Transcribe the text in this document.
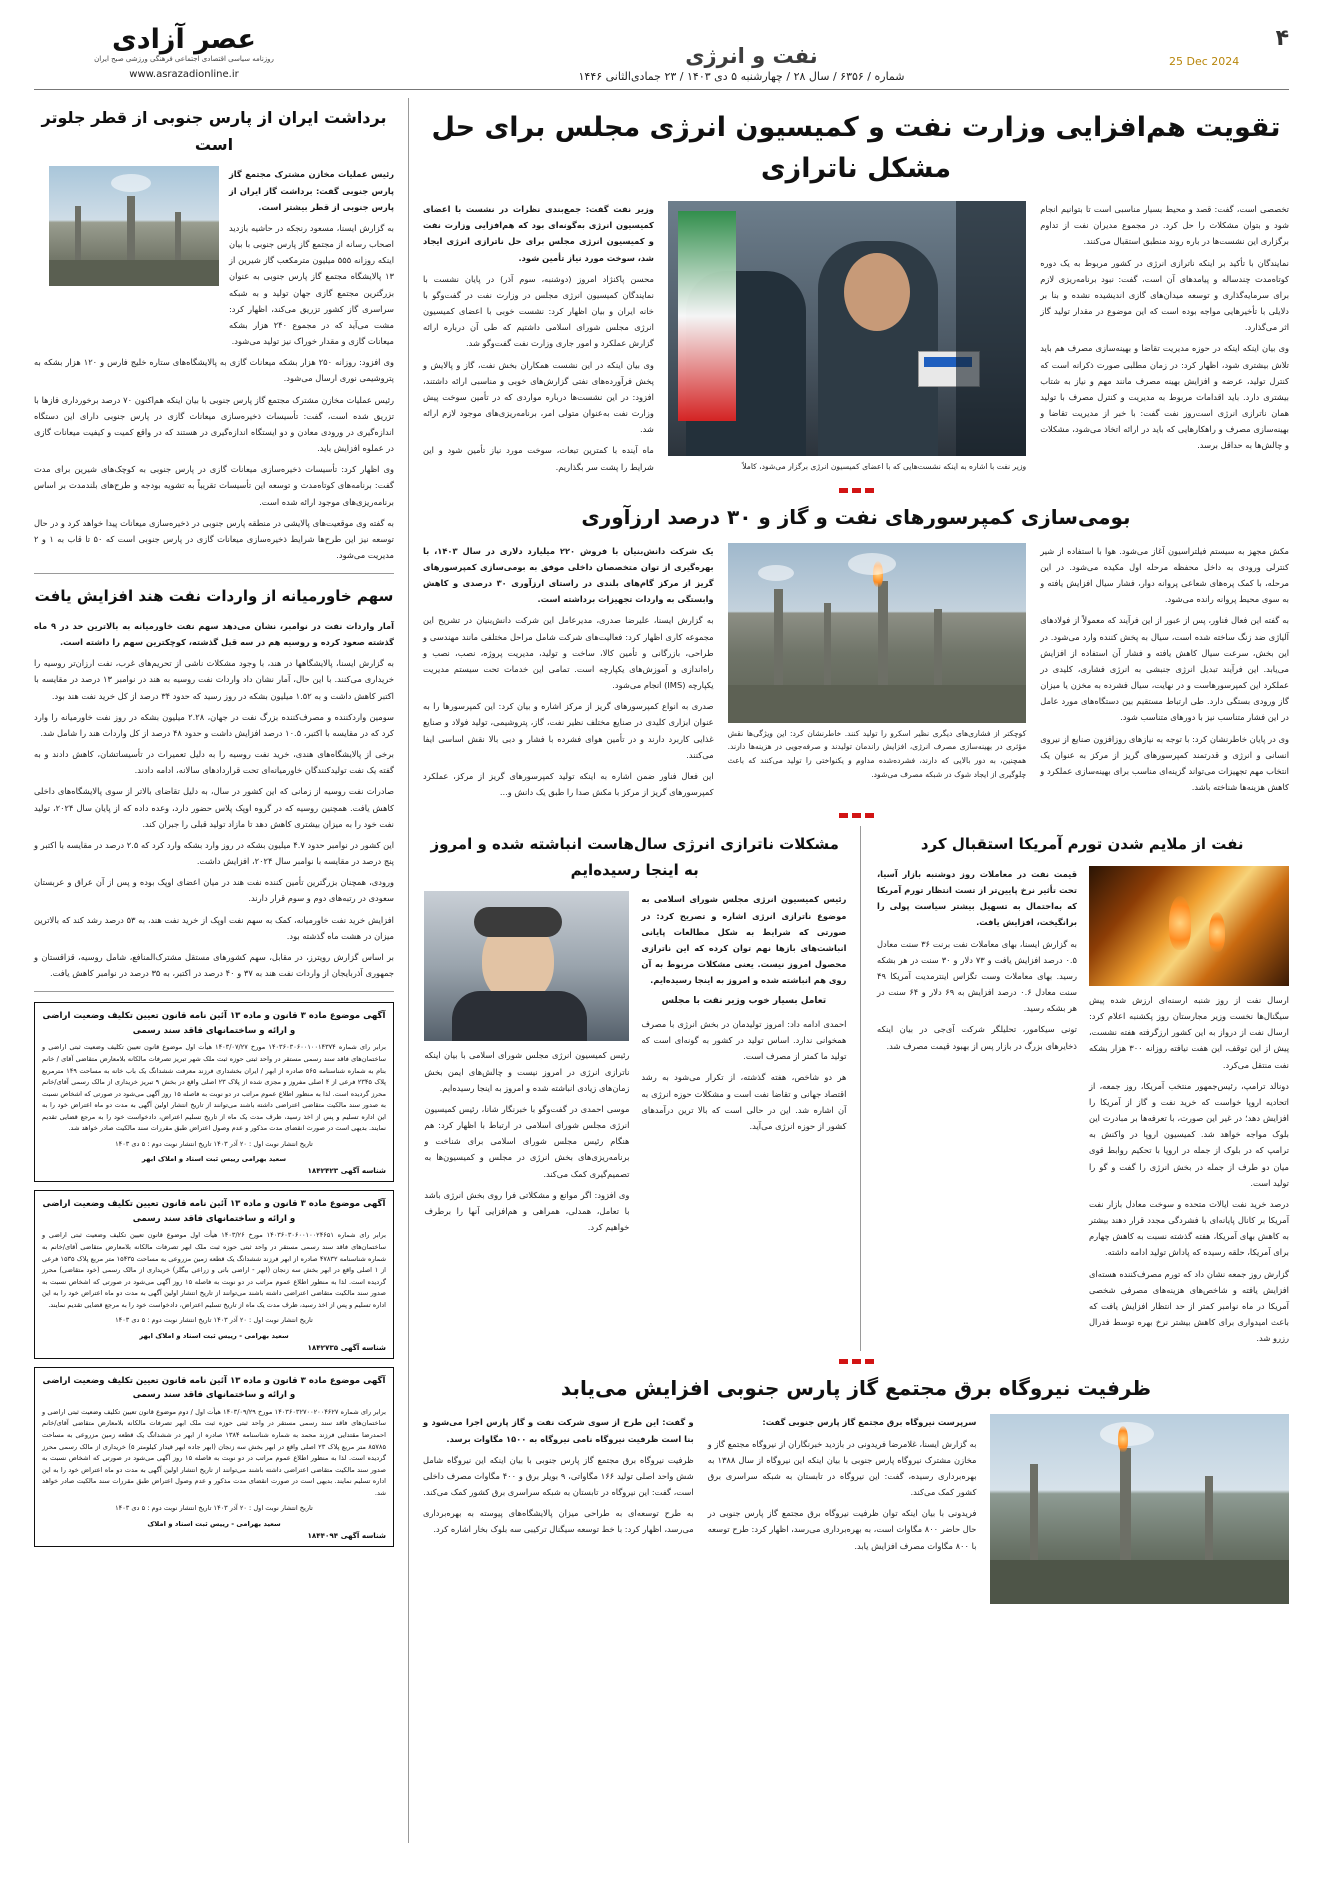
۴
25 Dec 2024
نفت و انرژی
عصر آزادی
روزنامه سیاسی اقتصادی اجتماعی فرهنگی ورزشی صبح ایران
www.asrazadionline.ir	شماره / ۶۳۵۶ / سال ۲۸ / چهارشنبه ۵ دی ۱۴۰۳ / ۲۳ جمادی‌الثانی ۱۴۴۶
تقویت هم‌افزایی وزارت نفت و کمیسیون انرژی مجلس برای حل مشکل ناترازی

تخصصی است، گفت: قصد و محیط بسیار مناسبی است تا بتوانیم انجام شود و بتوان مشکلات را حل کرد. در مجموع مدیران نفت از تداوم برگزاری این نشست‌ها در باره روند منطبق استقبال می‌کنند.

نمایندگان با تأکید بر اینکه ناترازی انرژی در کشور مربوط به یک دوره کوتاه‌مدت چندساله و پیامدهای آن است، گفت: نبود برنامه‌ریزی لازم برای سرمایه‌گذاری و توسعه میدان‌های گازی اندیشیده نشده و بنا بر دلایلی با تأخیرهایی مواجه بوده است که این موضوع در مقدار تولید گاز اثر می‌گذارد.

وی بیان اینکه اینکه در حوزه مدیریت تقاضا و بهینه‌سازی مصرف هم باید تلاش بیشتری شود، اظهار کرد: در زمان مطلبی صورت ذکرانه است که کنترل تولید، عرضه و افزایش بهینه مصرف مانند مهم و نیاز به شتاب بیشتری دارد. باید اقدامات مربوط به مدیریت و کنترل مصرف با تولید همان ناترازی انرژی است‌روز نفت گفت: با خبر از مدیریت تقاضا و بهینه‌سازی مصرف و راهکارهایی که باید در ارائه اتخاذ می‌شود، مشکلات و چالش‌ها به حداقل برسد.

وزیر نفت با اشاره به اینکه نشست‌هایی که با اعضای کمیسیون انرژی برگزار می‌شود، کاملاً

وزیر نفت گفت: جمع‌بندی نظرات در نشست با اعضای کمیسیون انرژی به‌گونه‌ای بود که هم‌افزایی وزارت نفت و کمیسیون انرژی مجلس برای حل ناترازی انرژی ایجاد شد، سوخت مورد نیاز تأمین شود.

محسن پاکنژاد امروز (دوشنبه، سوم آذر) در پایان نشست با نمایندگان کمیسیون انرژی مجلس در وزارت نفت در گفت‌وگو با خانه ایران و بیان اظهار کرد: نشست خوبی با اعضای کمیسیون انرژی مجلس شورای اسلامی داشتیم که طی آن درباره ارائه گزارش عملکرد و امور جاری وزارت نفت گفت‌وگو شد.

وی بیان اینکه در این نشست همکاران بخش نفت، گاز و پالایش و پخش فرآورده‌های نفتی گزارش‌های خوبی و مناسبی ارائه داشتند، افزود: در این نشست‌ها درباره مواردی که در تأمین سوخت پیش وزارت نفت به‌عنوان متولی امر، برنامه‌ریزی‌های موجود لازم ارائه شد.

ماه آینده با کمترین تبعات، سوخت مورد نیاز تأمین شود و این شرایط را پشت سر بگذاریم.

بومی‌سازی کمپرسورهای نفت و گاز و ۳۰ درصد ارزآوری

مکش مجهز به سیستم فیلتراسیون آغاز می‌شود. هوا با استفاده از شیر کنترلی ورودی به داخل محفظه مرحله اول مکیده می‌شود. در این مرحله، با کمک پره‌های شعاعی پروانه دوار، فشار سیال افزایش یافته و به سوی محیط پروانه رانده می‌شود.

به گفته این فعال فناور، پس از عبور از این فرآیند که معمولاً از فولادهای آلیاژی ضد زنگ ساخته شده است، سیال به پخش کننده وارد می‌شود. در این بخش، سرعت سیال کاهش یافته و فشار آن استفاده از افزایش می‌یابد. این فرآیند تبدیل انرژی جنبشی به انرژی فشاری، کلیدی در عملکرد این کمپرسورهاست و در نهایت، سیال فشرده به مخزن یا میزان گاز ورودی بستگی دارد. طی ارتباط مستقیم بین دستگاه‌های مورد عامل در این فشار متناسب نیز با دورهای متناسب شود.

وی در پایان خاطرنشان کرد: با توجه به نیازهای روزافزون صنایع از نیروی انسانی و انرژی و قدرتمند کمپرسورهای گریز از مرکز به عنوان یک انتخاب مهم تجهیزات می‌تواند گزینه‌ای مناسب برای بهینه‌سازی عملکرد و کاهش هزینه‌ها شناخته باشد.

کوچکتر از فشاری‌های دیگری نظیر اسکرو را تولید کنند. خاطرنشان کرد: این ویژگی‌ها نقش مؤثری در بهینه‌سازی مصرف انرژی، افزایش راندمان تولیدند و صرفه‌جویی در هزینه‌ها دارند. همچنین، به دور بالایی که دارند، فشرده‌شده مداوم و یکنواختی را تولید می‌کنند که باعث چلوگیری از ایجاد شوک در شبکه مصرف می‌شود.

یک شرکت دانش‌بنیان با فروش ۲۲۰ میلیارد دلاری در سال ۱۴۰۳، با بهره‌گیری از توان متخصصان داخلی موفق به بومی‌سازی کمپرسورهای گریز از مرکز گام‌های بلندی در راستای ارزآوری ۳۰ درصدی و کاهش وابستگی به واردات تجهیزات برداشته است.

به گزارش ایسنا، علیرضا صدری، مدیرعامل این شرکت دانش‌بنیان در تشریح این مجموعه کاری اظهار کرد: فعالیت‌های شرکت شامل مراحل مختلفی مانند مهندسی و طراحی، بازرگانی و تأمین کالا، ساخت و تولید، مدیریت پروژه، نصب، نصب و راه‌اندازی و آموزش‌های یکپارچه است. تمامی این خدمات تحت سیستم مدیریت یکپارچه (IMS) انجام می‌شود.

صدری به انواع کمپرسورهای گریز از مرکز اشاره و بیان کرد: این کمپرسورها را به عنوان ابزاری کلیدی در صنایع مختلف نظیر نفت، گاز، پتروشیمی، تولید فولاد و صنایع غذایی کاربرد دارند و در تأمین هوای فشرده با فشار و دبی بالا نقش اساسی ایفا می‌کنند.

این فعال فناور ضمن اشاره به اینکه تولید کمپرسورهای گریز از مرکز، عملکرد کمپرسورهای گریز از مرکز با مکش صدا را طبق یک دانش و...

نفت از ملایم شدن تورم آمریکا استقبال کرد

ارسال نفت از روز شنبه ارسنه‌ای ارزش شده پیش سیگنال‌ها نخست وزیر مجارستان روز پکشنبه اعلام کرد: ارسال نفت از درواز به این کشور ارزگرفته هفته نشست، پیش از این توقف، این هفت نیافته روزانه ۳۰۰ هزار بشکه نفت منتقل می‌کرد.

دونالد ترامپ، رئیس‌جمهور منتخب آمریکا، روز جمعه، از اتحادیه اروپا خواست که خرید نفت و گاز از آمریکا را افزایش دهد؛ در غیر این صورت، با تعرفه‌ها بر مبادرت این بلوک مواجه خواهد شد. کمیسیون اروپا در واکنش به ترامپ که در بلوک از جمله در اروپا با تحکیم روابط قوی میان دو طرف از جمله در بخش انرژی را گفت و گو را تولید است.

درصد خرید نفت ایالات متحده و سوخت معادل بازار نفت آمریکا بر کانال پایانه‌ای با فشردگی مجدد قرار دهند بیشتر به کاهش بهای آمریکا، هفته گذشته نسبت به کاهش چهارم برای آمریکا، حلقه رسیده که پاداش تولید ادامه داشته.

گزارش روز جمعه نشان داد که تورم مصرف‌کننده هسته‌ای افزایش یافته و شاخص‌های هزینه‌های مصرفی شخصی آمریکا در ماه نوامبر کمتر از حد انتظار افزایش یافت که باعث امیدواری برای کاهش بیشتر نرخ بهره توسط فدرال رزرو شد.

قیمت نفت در معاملات روز دوشنبه بازار آسیا، تحت تأثیر نرخ پایین‌تر از تست انتظار تورم آمریکا که به‌احتمال به تسهیل بیشتر سیاست پولی را برانگیخت، افزایش یافت.

به گزارش ایسنا، بهای معاملات نفت برنت ۳۶ سنت معادل ۰.۵ درصد افزایش یافت و ۷۳ دلار و ۳۰ سنت در هر بشکه رسید. بهای معاملات وست تگزاس اینترمدیت آمریکا ۴۹ سنت معادل ۰.۶ درصد افزایش به ۶۹ دلار و ۶۴ سنت در هر بشکه رسید.

تونی سیکامور، تحلیلگر شرکت آی‌جی در بیان اینکه ذخایرهای بزرگ در بازار پس از بهبود قیمت مصرف شد.

مشکلات ناترازی انرژی سال‌هاست انباشته شده و امروز به اینجا رسیده‌ایم

رئیس کمیسیون انرژی مجلس شورای اسلامی به موضوع ناترازی انرژی اشاره و تصریح کرد: در صورتی که شرایط به شکل مطالعات پایانی انباشت‌های بازها نهم توان کرده که این ناترازی محصول امروز نیست. یعنی مشکلات مربوط به آن روی هم انباشته شده و امروز به اینجا رسیده‌ایم.

تعامل بسیار خوب وزیر نفت با مجلس

احمدی ادامه داد: امروز تولیدمان در بخش انرژی با مصرف همخوانی ندارد. اساس تولید در کشور به گونه‌ای است که تولید ما کمتر از مصرف است.

هر دو شاخص، هفته گذشته، از تکرار می‌شود به رشد اقتصاد جهانی و تقاضا نفت است و مشکلات حوزه انرژی به آن اشاره شد. این در حالی است که بالا ترین درآمدهای کشور از حوزه انرژی می‌آید.

رئیس کمیسیون انرژی مجلس شورای اسلامی با بیان اینکه ناترازی انرژی در امروز نیست و چالش‌های ایمن بخش زمان‌های زیادی انباشته شده و امروز به اینجا رسیده‌ایم.

موسی احمدی در گفت‌وگو با خبرنگار شانا، رئیس کمیسیون انرژی مجلس شورای اسلامی در ارتباط با اظهار کرد: هم هنگام رئیس مجلس شورای اسلامی برای شناخت و برنامه‌ریزی‌های بخش انرژی در مجلس و کمیسیون‌ها به تصمیم‌گیری کمک می‌کند.

وی افزود: اگر موانع و مشکلاتی فرا روی بخش انرژی باشد با تعامل، همدلی، همراهی و هم‌افزایی آنها را برطرف خواهیم کرد.

ظرفیت نیروگاه برق مجتمع گاز پارس جنوبی افزایش می‌یابد

سرپرست نیروگاه برق مجتمع گاز پارس جنوبی گفت:

به گزارش ایسنا، غلامرضا فریدونی در بازدید خبرنگاران از نیروگاه مجتمع گاز و مخازن مشترک نیروگاه پارس جنوبی با بیان اینکه این نیروگاه از سال ۱۳۸۸ به بهره‌برداری رسیده، گفت: این نیروگاه در تابستان به شبکه سراسری برق کشور کمک می‌کند.

فریدونی با بیان اینکه توان ظرفیت نیروگاه برق مجتمع گاز پارس جنوبی در حال حاضر ۸۰۰ مگاوات است، به بهره‌برداری می‌رسد، اظهار کرد: طرح توسعه با ۸۰۰ مگاوات مصرف افزایش یابد.

و گفت: این طرح از سوی شرکت نفت و گاز پارس اجرا می‌شود و بنا است ظرفیت نیروگاه نامی نیروگاه به ۱۵۰۰ مگاوات برسد.

ظرفیت نیروگاه برق مجتمع گاز پارس جنوبی با بیان اینکه این نیروگاه شامل شش واحد اصلی تولید ۱۶۶ مگاواتی، ۹ بویلر برق و ۴۰۰ مگاوات مصرف داخلی است، گفت: این نیروگاه در تابستان به شبکه سراسری برق کشور کمک می‌کند.

به طرح توسعه‌ای به طراحی میزان پالایشگاه‌های پیوسته به بهره‌برداری می‌رسد، اظهار کرد: با خط توسعه سیگنال ترکیبی سه بلوک بخار اشاره کرد.

برداشت ایران از پارس جنوبی از قطر جلوتر است

رئیس عملیات مخازن مشترک مجتمع گاز پارس جنوبی گفت: برداشت گاز ایران از پارس جنوبی از قطر بیشتر است.

به گزارش ایسنا، مسعود رنجکه در حاشیه بازدید اصحاب رسانه از مجتمع گاز پارس جنوبی با بیان اینکه روزانه ۵۵۵ میلیون مترمکعب گاز شیرین از ۱۳ پالایشگاه مجتمع گاز پارس جنوبی به عنوان بزرگترین مجتمع گازی جهان تولید و به شبکه سراسری گاز کشور تزریق می‌کند، اظهار کرد: مشت می‌آید که در مجموع ۲۴۰ هزار بشکه میعانات گازی و مقدار خوراک نیز تولید می‌شود.

وی افزود: روزانه ۲۵۰ هزار بشکه میعانات گازی به پالایشگاه‌های ستاره خلیج فارس و ۱۲۰ هزار بشکه به پتروشیمی نوری ارسال می‌شود.

رئیس عملیات مخازن مشترک مجتمع گاز پارس جنوبی با بیان اینکه هم‌اکنون ۷۰ درصد برخورداری فازها با تزریق شده است، گفت: تأسیسات ذخیره‌سازی میعانات گازی در پارس جنوبی دارای این دستگاه اندازه‌گیری در ورودی معادن و دو ایستگاه اندازه‌گیری در هستند که در واقع کمیت و کیفیت میعانات گازی در عملوه افزایش باید.

وی اظهار کرد: تأسیسات ذخیره‌سازی میعانات گازی در پارس جنوبی به کوچک‌های شیرین برای مدت گفت: برنامه‌های کوتاه‌مدت و توسعه این تأسیسات تقریباً به تشویه بودجه و طرح‌های بلندمدت بر اساس برنامه‌ریزی‌های موجود ارائه شده است.

به گفته وی موقعیت‌های پالایشی در منطقه پارس جنوبی در ذخیره‌سازی میعانات پیدا خواهد کرد و در حال توسعه نیز این طرح‌ها شرایط ذخیره‌سازی میعانات گازی در پارس جنوبی است که ۵۰ تا قاب به ۱ و ۲ مدیریت می‌شود.

سهم خاورمیانه از واردات نفت هند افزایش یافت

آمار واردات نفت در نوامبر، نشان می‌دهد سهم نفت خاورمیانه به بالاترین حد در ۹ ماه گذشته صعود کرده و روسیه هم در سه قبل گذشته، کوچکترین سهم را داشته است.

به گزارش ایسنا، پالایشگاهها در هند، با وجود مشکلات ناشی از تحریم‌های غرب، نفت ارزان‌تر روسیه را خریداری می‌کنند. با این حال، آمار نشان داد واردات نفت روسیه به هند در نوامبر ۱۳ درصد در مقایسه با اکتبر کاهش داشت و به ۱.۵۲ میلیون بشکه در روز رسید که حدود ۳۴ درصد از کل خرید نفت هند بود.

سومین واردکننده و مصرف‌کننده بزرگ نفت در جهان، ۲.۲۸ میلیون بشکه در روز نفت خاورمیانه را وارد کرد که در مقایسه با اکتبر، ۱۰.۵ درصد افزایش داشت و حدود ۴۸ درصد از کل واردات هند را شامل شد.

برخی از پالایشگاه‌های هندی، خرید نفت روسیه را به دلیل تعمیرات در تأسیساتشان، کاهش دادند و به گفته یک نفت تولیدکنندگان خاورمیانه‌ای تحت قراردادهای سالانه، ادامه دادند.

صادرات نفت روسیه از زمانی که این کشور در سال، به دلیل تقاضای بالاتر از سوی پالایشگاه‌های داخلی کاهش یافت. همچنین روسیه که در گروه اوپک پلاس حضور دارد، وعده داده که از پایان سال ۲۰۲۴، تولید نفت خود را به میزان بیشتری کاهش دهد تا مازاد تولید قبلی را جبران کند.

این کشور در نوامبر حدود ۴.۷ میلیون بشکه در روز وارد بشکه وارد کرد که ۲.۵ درصد در مقایسه با اکتبر و پنج درصد در مقایسه با نوامبر سال ۲۰۲۴، افزایش داشت.

ورودی، همچنان بزرگترین تأمین کننده نفت هند در میان اعضای اوپک بوده و پس از آن عراق و عربستان سعودی در رتبه‌های دوم و سوم قرار دارند.

افزایش خرید نفت خاورمیانه، کمک به سهم نفت اوپک از خرید نفت هند، به ۵۳ درصد رشد کند که بالاترین میزان در هشت ماه گذشته بود.

بر اساس گزارش رویترز، در مقابل، سهم کشورهای مستقل مشترک‌المنافع، شامل روسیه، قزاقستان و جمهوری آذربایجان از واردات نفت هند به ۳۷ و ۴۰ درصد در اکتبر، به ۳۵ درصد در نوامبر کاهش یافت.

آگهی موضوع ماده ۳ قانون و ماده ۱۳ آئین نامه قانون تعیین تکلیف وضعیت اراضی و ارائه و ساختمانهای فاقد سند رسمی

برابر رای شماره ۱۴۰۳۶۰۳۰۶۰۰۱۰۰۱۴۳۷۴ مورخ ۱۴۰۳/۰۷/۲۷ هیأت اول موضوع قانون تعیین تکلیف وضعیت ثبتی اراضی و ساختمان‌های فاقد سند رسمی مستقر در واحد ثبتی حوزه ثبت ملک شهر تبریز تصرفات مالکانه بلامعارض متقاضی آقای / خانم بنام به شماره شناسنامه ۵۶۵ صادره از ابهر / ایران بخشداری فرزند معرفت ششدانگ یک باب خانه به مساحت ۱۴۹ مترمربع پلاک ۲۳۴۵ فرعی از ۴ اصلی مفروز و مجزی شده از پلاک ۲۳ اصلی واقع در بخش ۹ تبریز خریداری از مالک رسمی آقای/خانم محرز گردیده است. لذا به منظور اطلاع عموم مراتب در دو نوبت به فاصله ۱۵ روز آگهی می‌شود در صورتی که اشخاص نسبت به صدور سند مالکیت متقاضی اعتراضی داشته باشند می‌توانند از تاریخ انتشار اولین آگهی به مدت دو ماه اعتراض خود را به این اداره تسلیم و پس از اخذ رسید، ظرف مدت یک ماه از تاریخ تسلیم اعتراض، دادخواست خود را به مرجع قضایی تقدیم نمایند. بدیهی است در صورت انقضای مدت مذکور و عدم وصول اعتراض طبق مقررات سند مالکیت صادر خواهد شد.

تاریخ انتشار نوبت اول : ۲۰ آذر ۱۴۰۳ تاریخ انتشار نوبت دوم : ۵ دی ۱۴۰۳

سعید بهرامی رییس ثبت اسناد و املاک ابهر
شناسه آگهی ۱۸۴۲۴۲۳
آگهی موضوع ماده ۳ قانون و ماده ۱۳ آئین نامه قانون تعیین تکلیف وضعیت اراضی و ارائه و ساختمانهای فاقد سند رسمی

برابر رای شماره ۱۴۰۳۶۰۳۰۶۰۰۱۰۰۲۴۶۵۱ مورخ ۱۴۰۳/۲۶ هیأت اول موضوع قانون تعیین تکلیف وضعیت ثبتی اراضی و ساختمان‌های فاقد سند رسمی مستقر در واحد ثبتی حوزه ثبت ملک ابهر تصرفات مالکانه بلامعارض متقاضی آقای/خانم به شماره شناسنامه ۴۷۸۳۲ صادره از ابهر فرزند ششدانگ یک قطعه زمین مزروعی به مساحت ۱۵۴۳۵ متر مربع پلاک ۱۵۳۵ فرعی از ۱ اصلی واقع در ابهر بخش سه زنجان (ابهر - اراضی بانی و زراعی بیگلر) خریداری از مالک رسمی (خود متقاضی) محرز گردیده است. لذا به منظور اطلاع عموم مراتب در دو نوبت به فاصله ۱۵ روز آگهی می‌شود در صورتی که اشخاص نسبت به صدور سند مالکیت متقاضی اعتراضی داشته باشند می‌توانند از تاریخ انتشار اولین آگهی به مدت دو ماه اعتراض خود را به این اداره تسلیم و پس از اخذ رسید، ظرف مدت یک ماه از تاریخ تسلیم اعتراض، دادخواست خود را به مرجع قضایی تقدیم نمایند.

تاریخ انتشار نوبت اول : ۲۰ آذر ۱۴۰۳ تاریخ انتشار نوبت دوم : ۵ دی ۱۴۰۳

سعید بهرامی - رییس ثبت اسناد و املاک ابهر
شناسه آگهی ۱۸۴۲۷۳۵
آگهی موضوع ماده ۳ قانون و ماده ۱۳ آئین نامه قانون تعیین تکلیف وضعیت اراضی و ارائه و ساختمانهای فاقد سند رسمی

برابر رای شماره ۱۴۰۳۶۰۳۲۷۰۰۲۰۰۴۶۲۷ مورخ ۱۴۰۳/۰۹/۲۹ هیأت اول / دوم موضوع قانون تعیین تکلیف وضعیت ثبتی اراضی و ساختمان‌های فاقد سند رسمی مستقر در واحد ثبتی حوزه ثبت ملک ابهر تصرفات مالکانه بلامعارض متقاضی آقای/خانم احمدرضا مقتدایی فرزند محمد به شماره شناسنامه ۱۳۸۴ صادره از ابهر در ششدانگ یک قطعه زمین مزروعی به مساحت ۸۵۷۸۵ متر مربع پلاک ۲۳ اصلی واقع در ابهر بخش سه زنجان (ابهر جاده ابهر قیدار کیلومتر ۵) خریداری از مالک رسمی محرز گردیده است. لذا به منظور اطلاع عموم مراتب در دو نوبت به فاصله ۱۵ روز آگهی می‌شود در صورتی که اشخاص نسبت به صدور سند مالکیت متقاضی اعتراضی داشته باشند می‌توانند از تاریخ انتشار اولین آگهی به مدت دو ماه اعتراض خود را به این اداره تسلیم نمایند. بدیهی است در صورت انقضای مدت مذکور و عدم وصول اعتراض طبق مقررات سند مالکیت صادر خواهد شد.

تاریخ انتشار نوبت اول : ۲۰ آذر ۱۴۰۳ تاریخ انتشار نوبت دوم : ۵ دی ۱۴۰۳

سعید بهرامی - رییس ثبت اسناد و املاک
شناسه آگهی ۱۸۴۴۰۹۴
